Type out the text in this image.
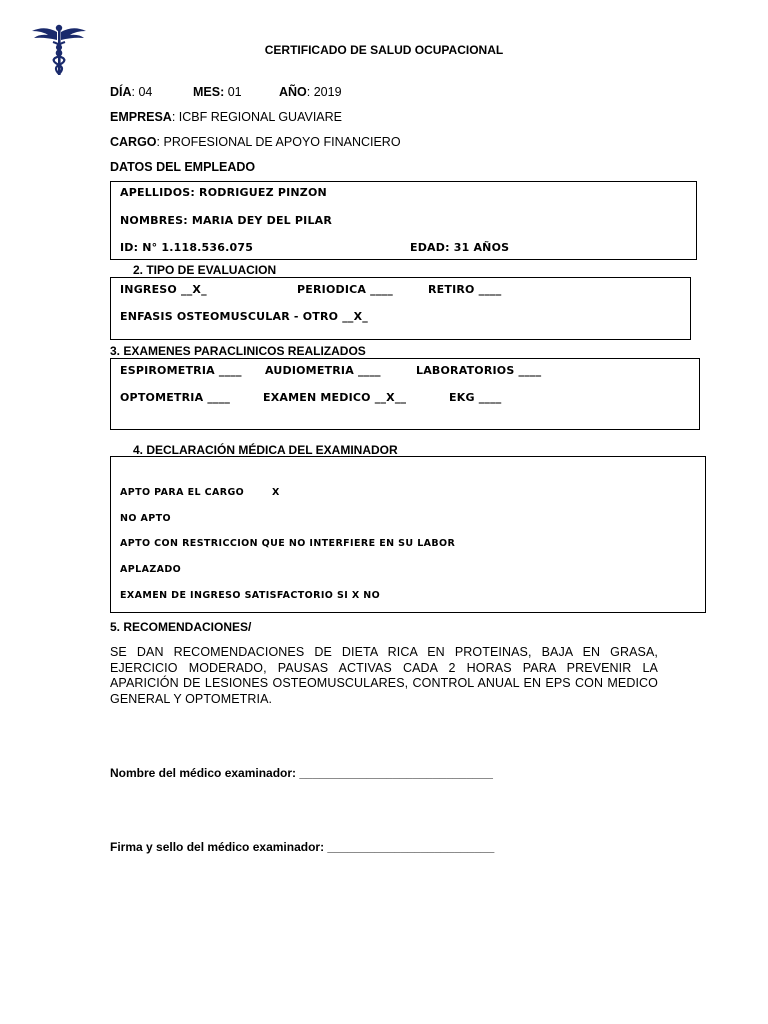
CERTIFICADO DE SALUD OCUPACIONAL
DÍA: 04	MES: 01	AÑO: 2019
EMPRESA: ICBF REGIONAL GUAVIARE
CARGO: PROFESIONAL DE APOYO FINANCIERO
DATOS DEL EMPLEADO
APELLIDOS: RODRIGUEZ PINZON
NOMBRES: MARIA DEY DEL PILAR
ID: N° 1.118.536.075	EDAD: 31 AÑOS
2. TIPO DE EVALUACION
INGRESO __X_	PERIODICA ____	RETIRO ____
ENFASIS OSTEOMUSCULAR - OTRO __X_
3. EXAMENES PARACLINICOS REALIZADOS
ESPIROMETRIA ____ AUDIOMETRIA ____	LABORATORIOS ____
OPTOMETRIA ____	EXAMEN MEDICO __X__	EKG ____
4. DECLARACIÓN MÉDICA DEL EXAMINADOR
APTO PARA EL CARGO	X
NO APTO
APTO CON RESTRICCION QUE NO INTERFIERE EN SU LABOR
APLAZADO
EXAMEN DE INGRESO SATISFACTORIO SI X NO
5. RECOMENDACIONES/
SE DAN RECOMENDACIONES DE DIETA RICA EN PROTEINAS, BAJA EN GRASA, EJERCICIO MODERADO, PAUSAS ACTIVAS CADA 2 HORAS PARA PREVENIR LA APARICIÓN DE LESIONES OSTEOMUSCULARES, CONTROL ANUAL EN EPS CON MEDICO GENERAL Y OPTOMETRIA.
Nombre del médico examinador: _____________________________
Firma y sello del médico examinador: _________________________
